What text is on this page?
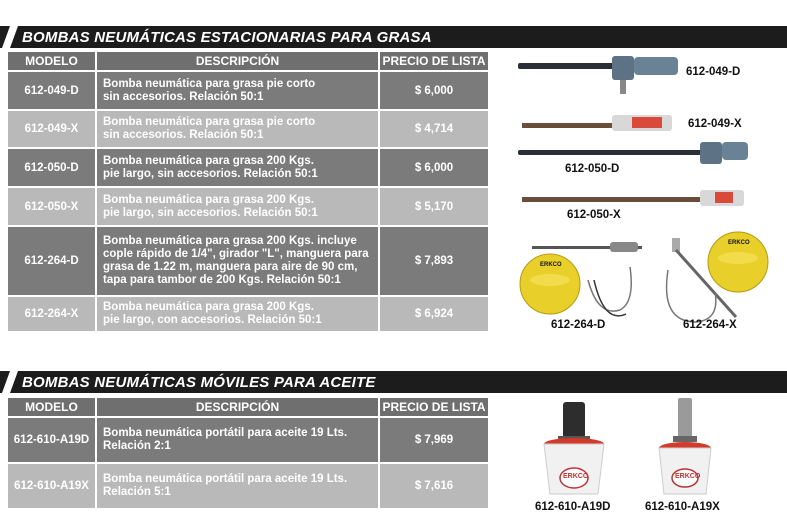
BOMBAS NEUMÁTICAS ESTACIONARIAS PARA GRASA
MODELO	DESCRIPCIÓN	PRECIO DE LISTA
612-049-D	Bomba neumática para grasa pie corto
sin accesorios. Relación 50:1	$ 6,000
612-049-X	Bomba neumática para grasa pie corto
sin accesorios. Relación 50:1	$ 4,714
612-050-D	Bomba neumática para grasa 200 Kgs.
pie largo, sin accesorios. Relación 50:1	$ 6,000
612-050-X	Bomba neumática para grasa 200 Kgs.
pie largo, sin accesorios. Relación 50:1	$ 5,170
612-264-D	Bomba neumática para grasa 200 Kgs. incluye
cople rápido de 1/4", girador "L", manguera para
grasa de 1.22 m, manguera para aire de 90 cm,
tapa para tambor de 200 Kgs. Relación 50:1	$ 7,893
612-264-X	Bomba neumática para grasa 200 Kgs.
pie largo, con accesorios. Relación 50:1	$ 6,924
ERKCO
ERKCO
612-049-D
612-049-X
612-050-D
612-050-X
612-264-D	612-264-X
BOMBAS NEUMÁTICAS MÓVILES PARA ACEITE
MODELO	DESCRIPCIÓN	PRECIO DE LISTA
612-610-A19D	Bomba neumática portátil para aceite 19 Lts.
Relación 2:1	$ 7,969
612-610-A19X	Bomba neumática portátil para aceite 19 Lts.
Relación 5:1	$ 7,616
ERKCO	ERKCO
612-610-A19D	612-610-A19X
